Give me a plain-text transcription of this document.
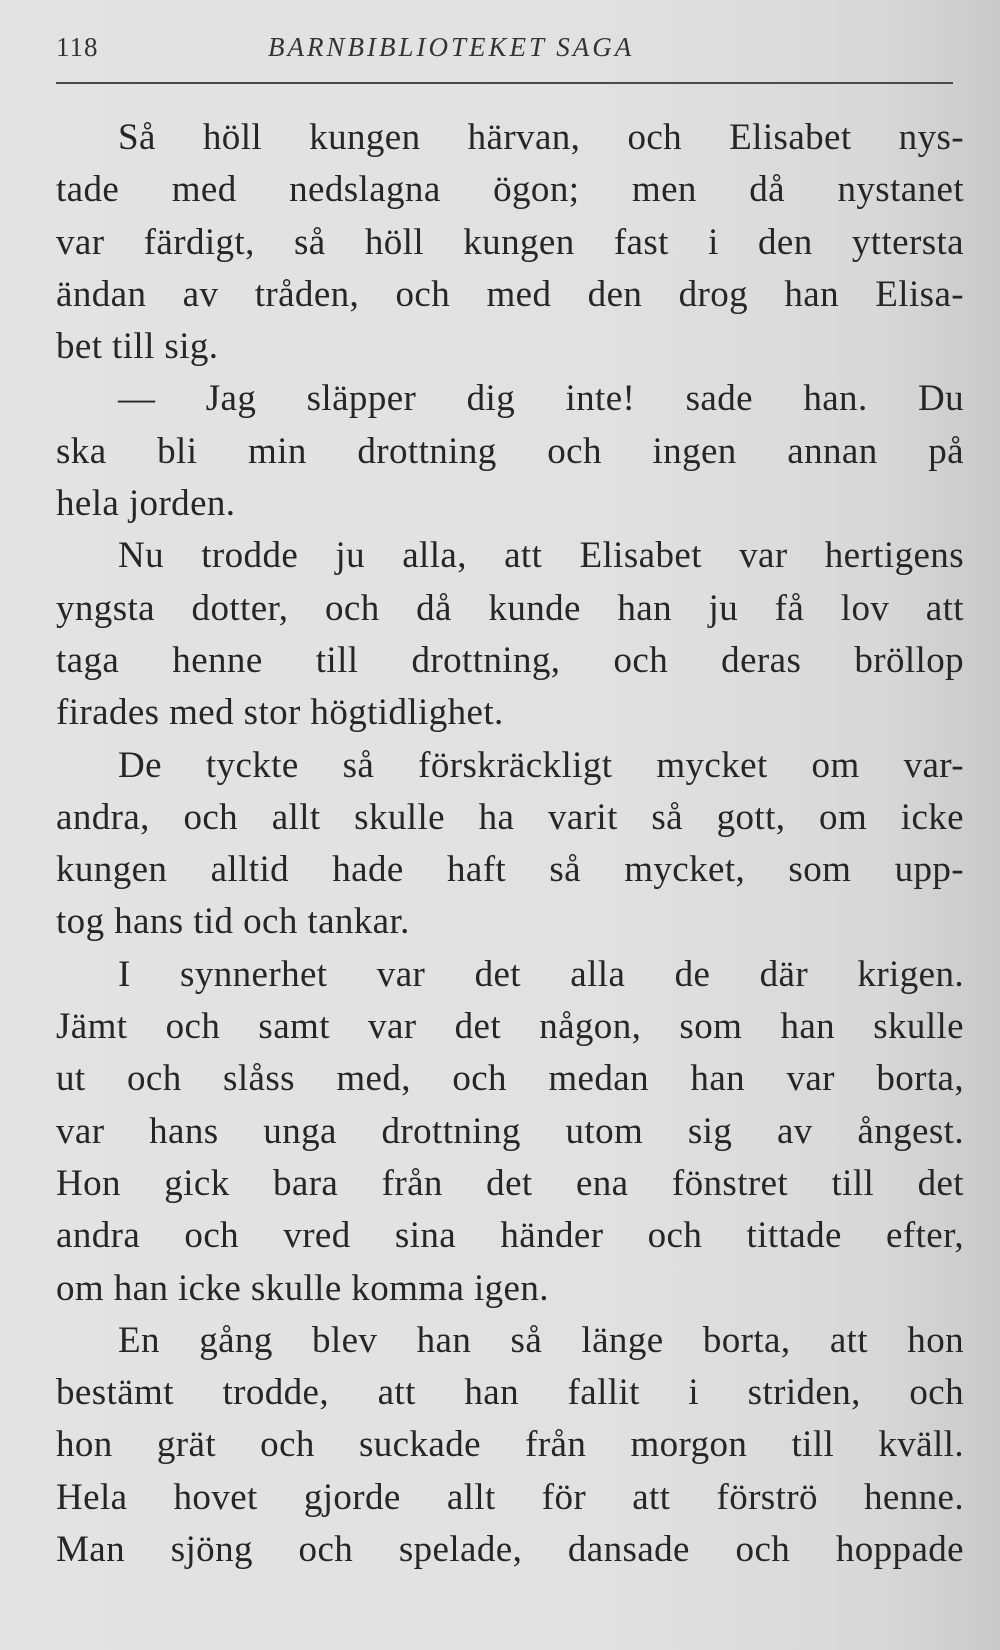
118	BARNBIBLIOTEKET SAGA
Så höll kungen härvan, och Elisabet nys-
tade med nedslagna ögon; men då nystanet
var färdigt, så höll kungen fast i den yttersta
ändan av tråden, och med den drog han Elisa-
bet till sig.
— Jag släpper dig inte! sade han. Du
ska bli min drottning och ingen annan på
hela jorden.
Nu trodde ju alla, att Elisabet var hertigens
yngsta dotter, och då kunde han ju få lov att
taga henne till drottning, och deras bröllop
firades med stor högtidlighet.
De tyckte så förskräckligt mycket om var-
andra, och allt skulle ha varit så gott, om icke
kungen alltid hade haft så mycket, som upp-
tog hans tid och tankar.
I synnerhet var det alla de där krigen.
Jämt och samt var det någon, som han skulle
ut och slåss med, och medan han var borta,
var hans unga drottning utom sig av ångest.
Hon gick bara från det ena fönstret till det
andra och vred sina händer och tittade efter,
om han icke skulle komma igen.
En gång blev han så länge borta, att hon
bestämt trodde, att han fallit i striden, och
hon grät och suckade från morgon till kväll.
Hela hovet gjorde allt för att förströ henne.
Man sjöng och spelade, dansade och hoppade
